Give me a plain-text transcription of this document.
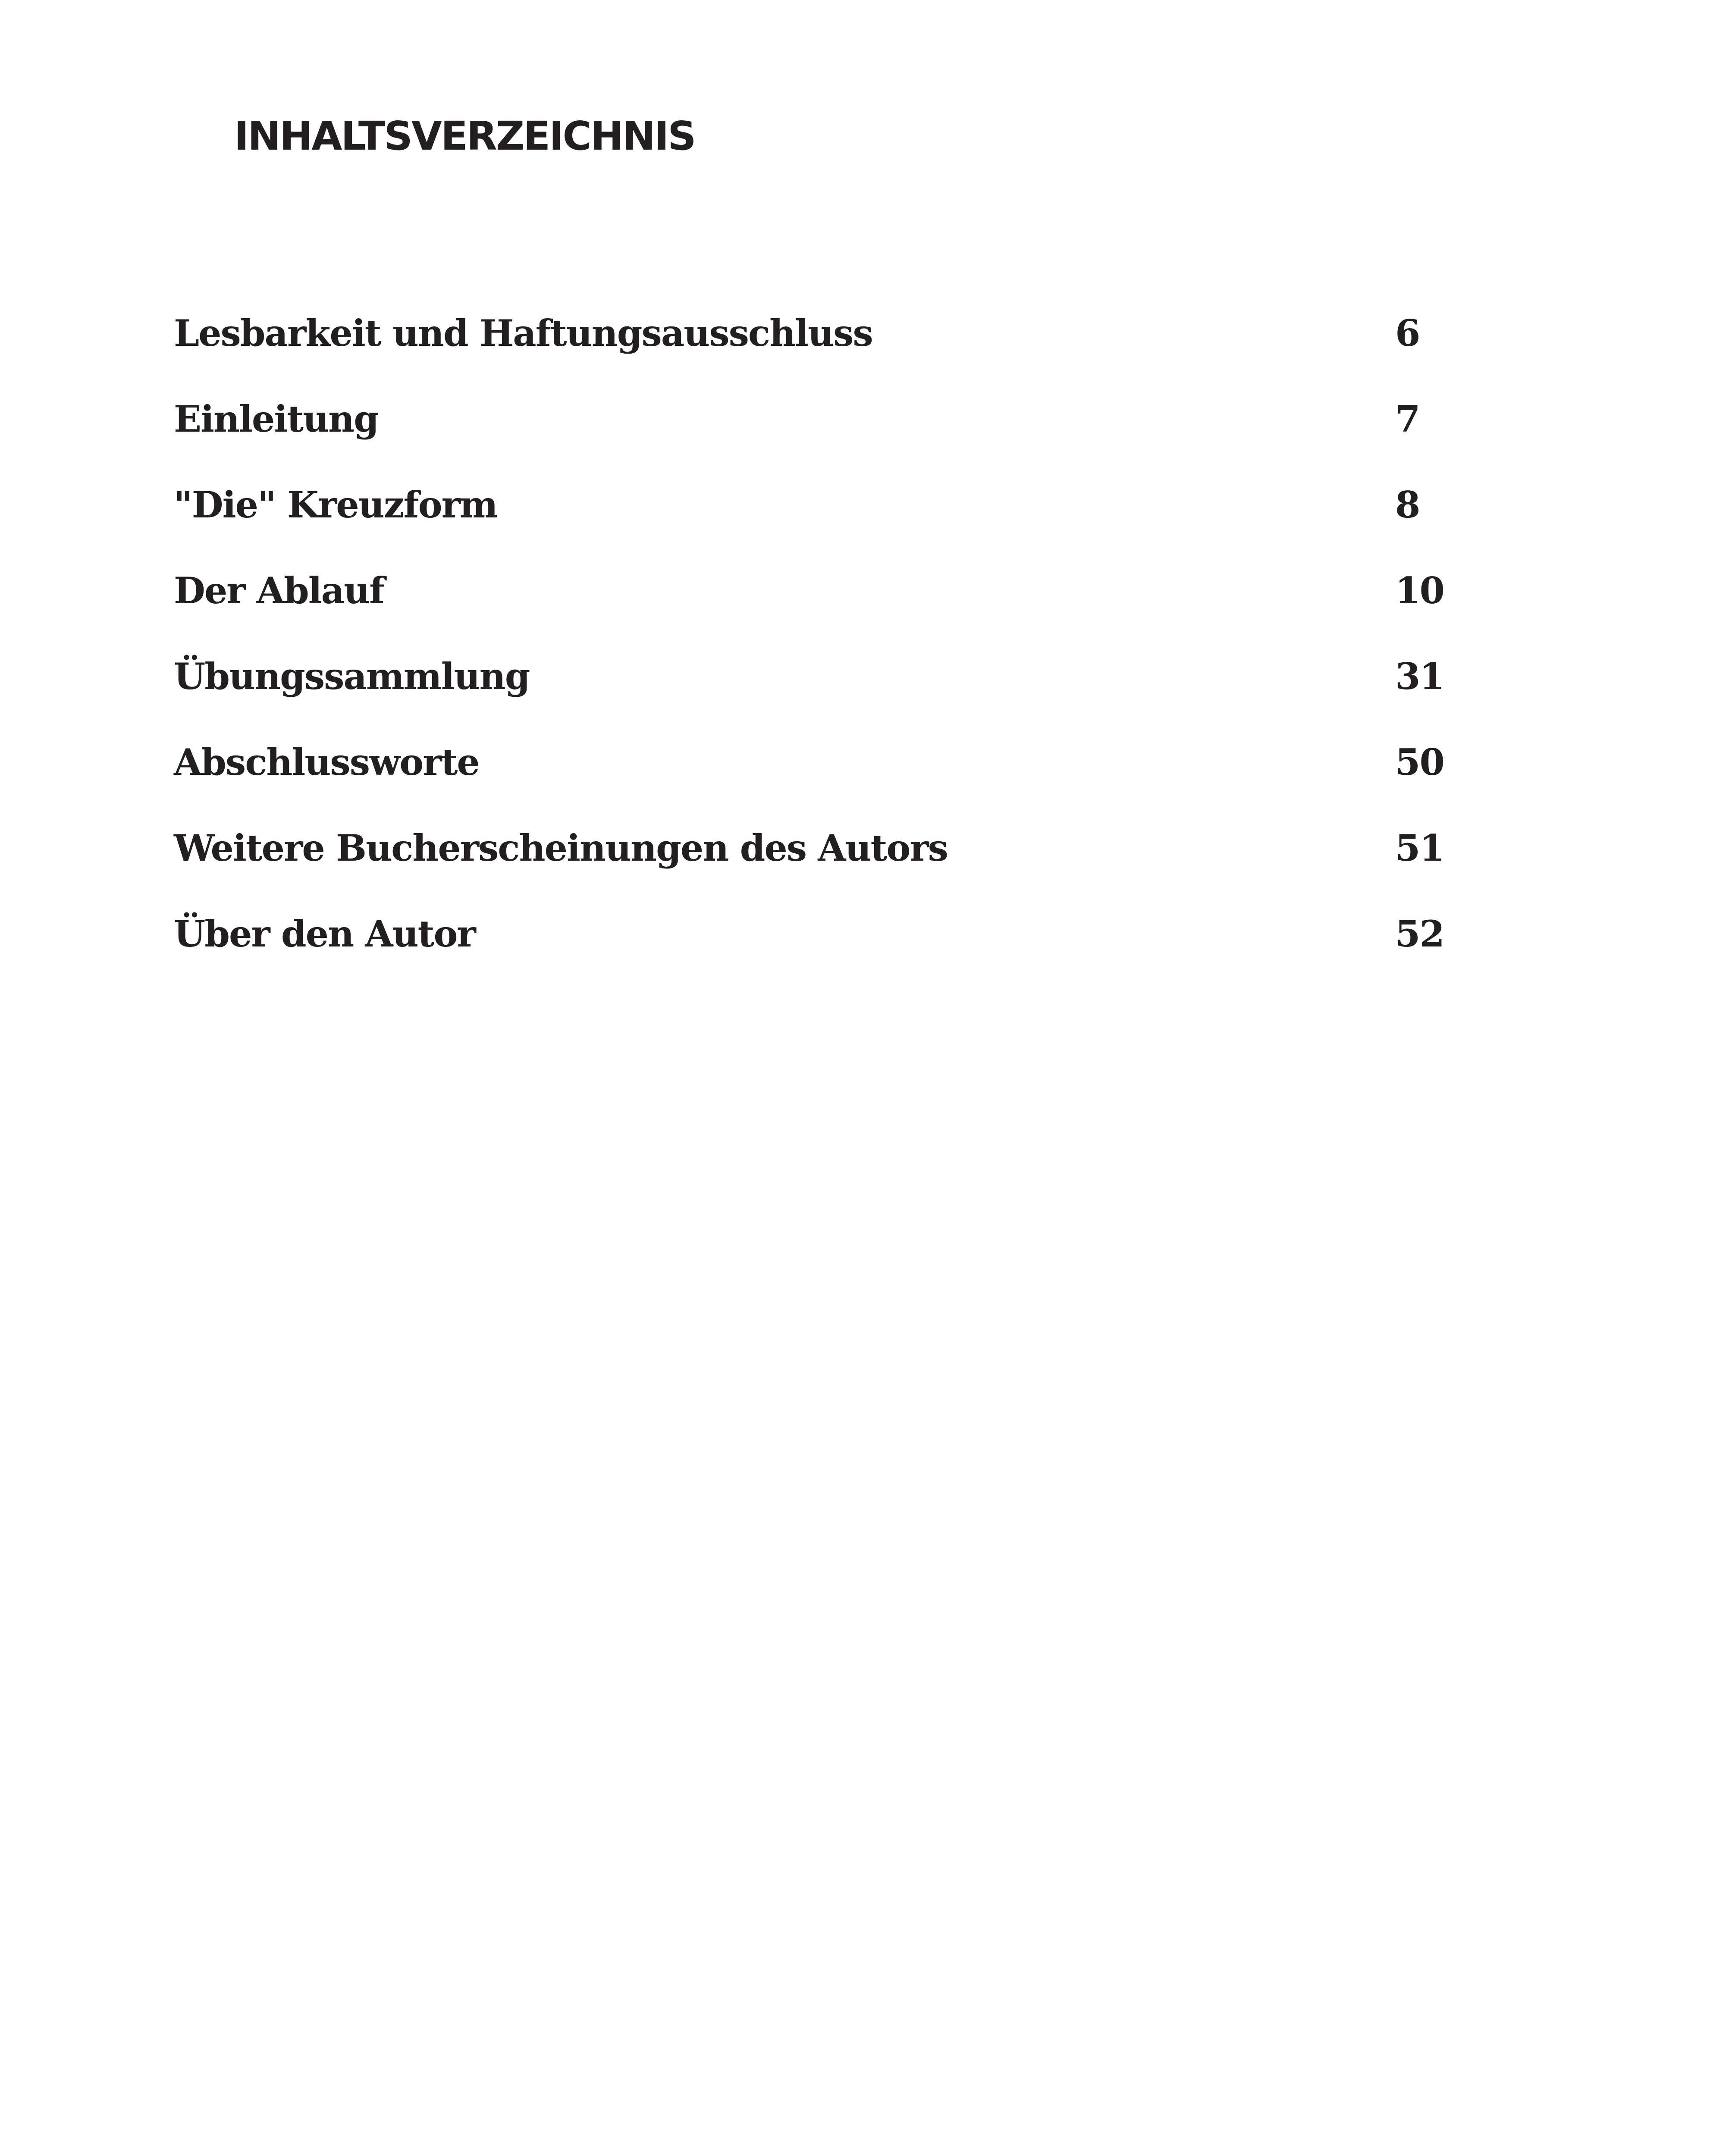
INHALTSVERZEICHNIS
Lesbarkeit und Haftungsausschluss	6
Einleitung	7
"Die" Kreuzform	8
Der Ablauf	10
Übungssammlung	31
Abschlussworte	50
Weitere Bucherscheinungen des Autors	51
Über den Autor	52
